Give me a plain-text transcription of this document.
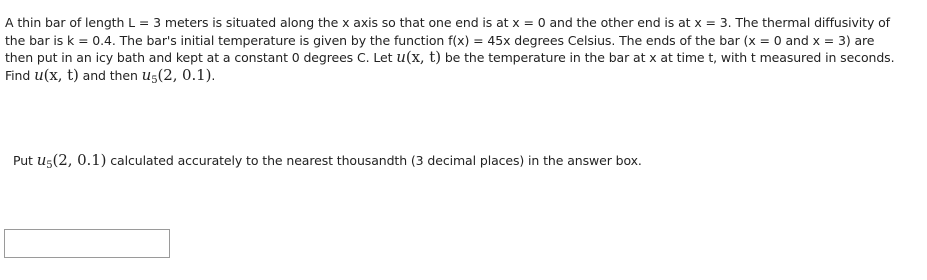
A thin bar of length L = 3 meters is situated along the x axis so that one end is at x = 0 and the other end is at x = 3. The thermal diffusivity of the bar is k = 0.4. The bar's initial temperature is given by the function f(x) = 45x degrees Celsius. The ends of the bar (x = 0 and x = 3) are then put in an icy bath and kept at a constant 0 degrees C. Let u(x, t) be the temperature in the bar at x at time t, with t measured in seconds. Find u(x, t) and then $u_5(2$, 0.1).
Put $u_5(2$, 0.1) calculated accurately to the nearest thousandth (3 decimal places) in the answer box.
